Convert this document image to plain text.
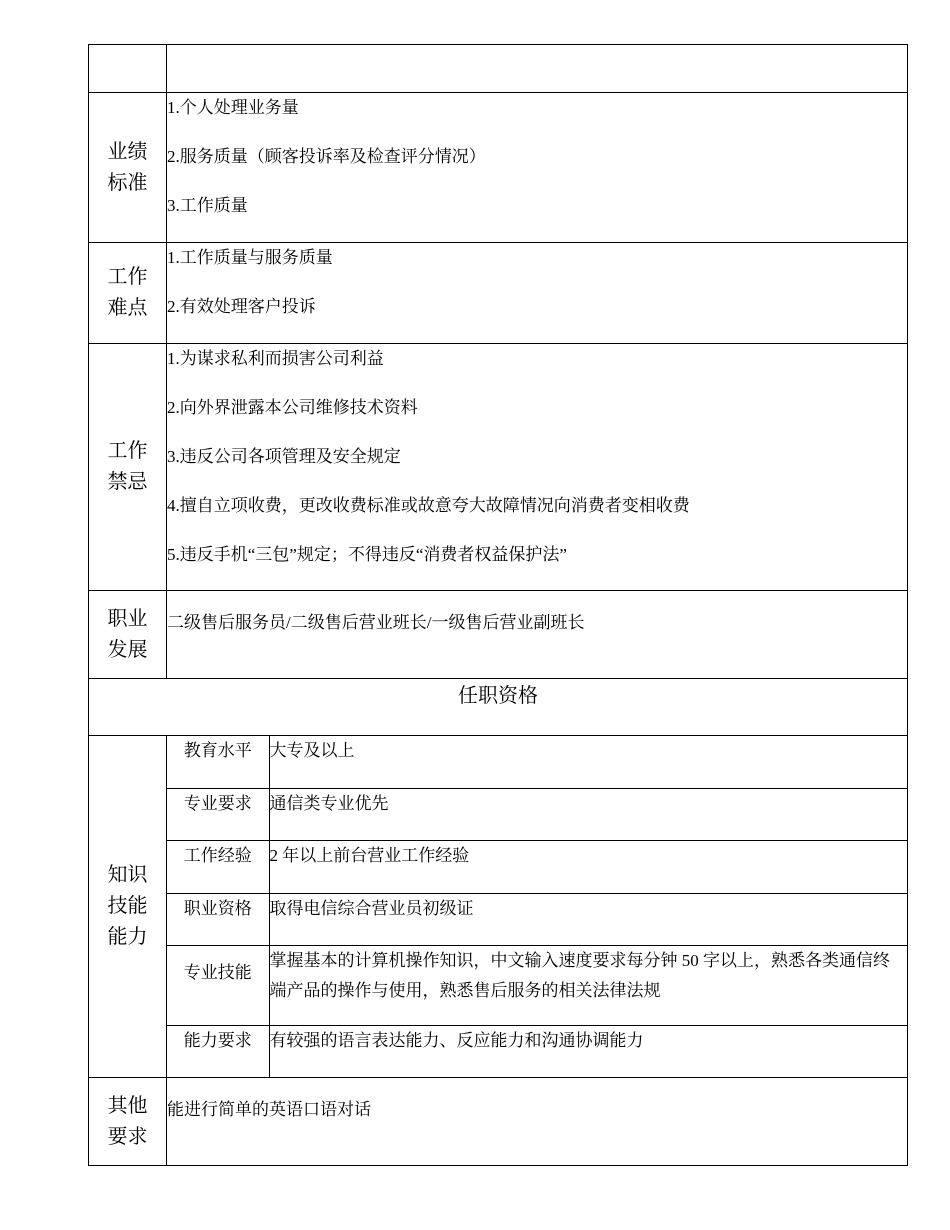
业绩标准

1.个人处理业务量
2.服务质量（顾客投诉率及检查评分情况）
3.工作质量

工作难点

1.工作质量与服务质量
2.有效处理客户投诉

工作禁忌

1.为谋求私利而损害公司利益
2.向外界泄露本公司维修技术资料
3.违反公司各项管理及安全规定
4.擅自立项收费，更改收费标准或故意夸大故障情况向消费者变相收费
5.违反手机“三包”规定；不得违反“消费者权益保护法”

职业发展

二级售后服务员/二级售后营业班长/一级售后营业副班长

任职资格

知识技能能力

教育水平	大专及以上
专业要求	通信类专业优先
工作经验	2 年以上前台营业工作经验
职业资格	取得电信综合营业员初级证
专业技能	掌握基本的计算机操作知识，中文输入速度要求每分钟 50 字以上，熟悉各类通信终端产品的操作与使用，熟悉售后服务的相关法律法规
能力要求	有较强的语言表达能力、反应能力和沟通协调能力

其他要求

能进行简单的英语口语对话
